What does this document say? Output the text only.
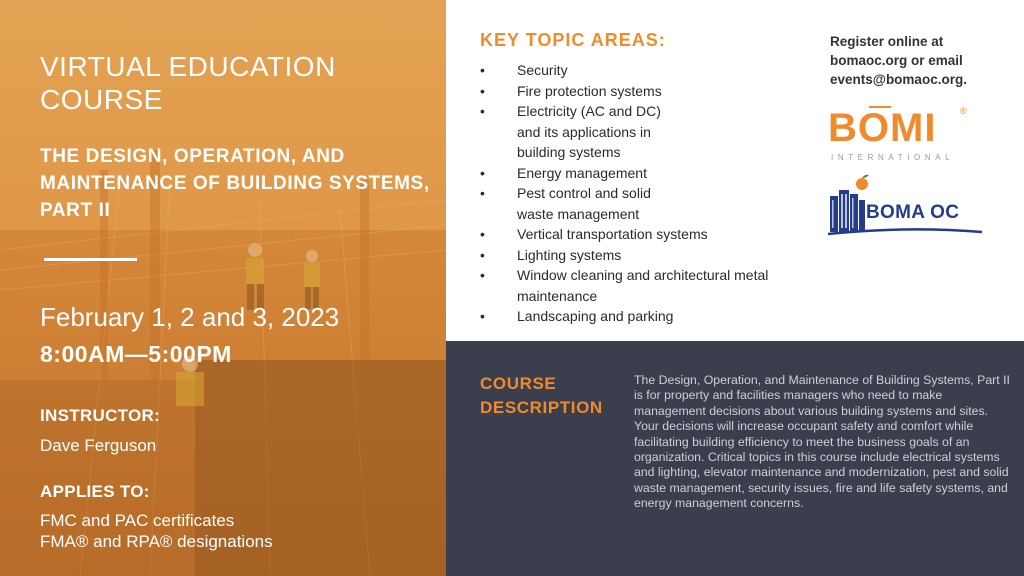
VIRTUAL EDUCATION COURSE
THE DESIGN, OPERATION, AND MAINTENANCE OF BUILDING SYSTEMS, PART II
February 1, 2 and 3, 2023
8:00AM—5:00PM
INSTRUCTOR:
Dave Ferguson
APPLIES TO:
FMC and PAC certificates
FMA® and RPA® designations
KEY TOPIC AREAS:
• Security
• Fire protection systems
• Electricity (AC and DC) and its applications in building systems
• Energy management
• Pest control and solid waste management
• Vertical transportation systems
• Lighting systems
• Window cleaning and architectural metal maintenance
• Landscaping and parking
Register online at bomaoc.org or email events@bomaoc.org.
BOMI	®
INTERNATIONAL
BOMA OC
COURSE DESCRIPTION
The Design, Operation, and Maintenance of Building Systems, Part II is for property and facilities managers who need to make management decisions about various building systems and sites. Your decisions will increase occupant safety and comfort while facilitating building efficiency to meet the business goals of an organization. Critical topics in this course include electrical systems and lighting, elevator maintenance and modernization, pest and solid waste management, security issues, fire and life safety systems, and energy management concerns.
